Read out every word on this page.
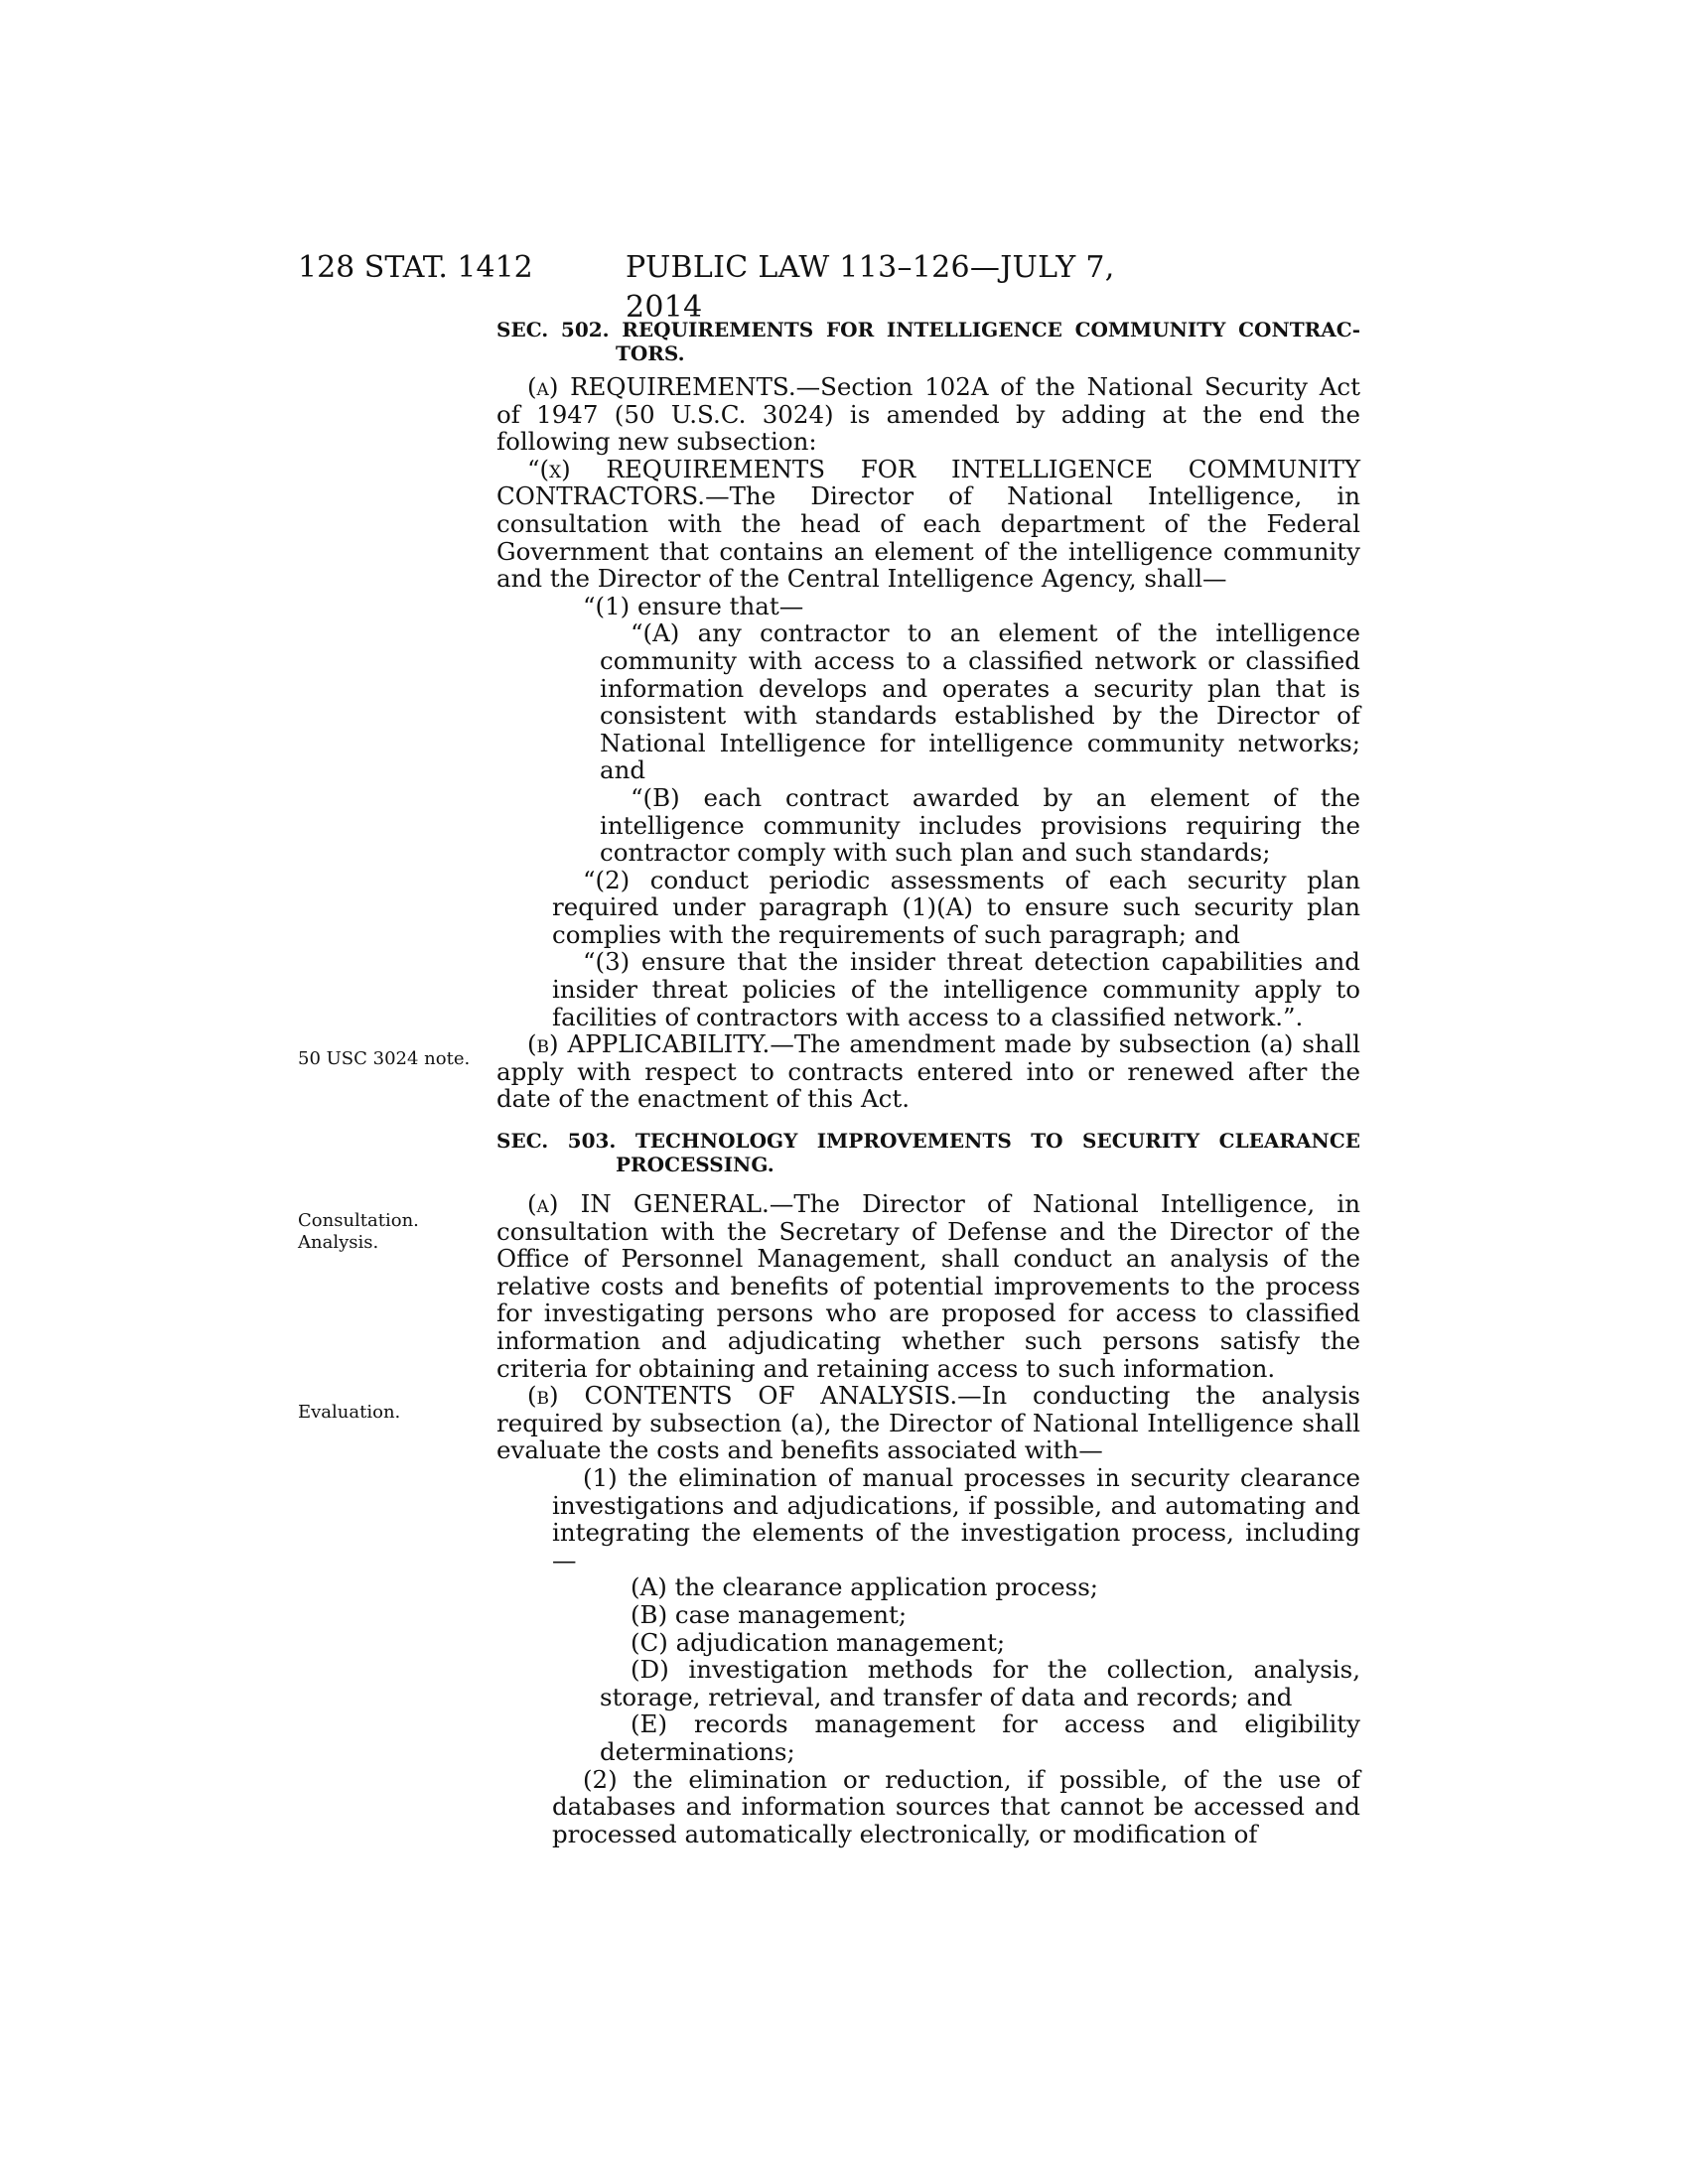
128 STAT. 1412	PUBLIC LAW 113–126—JULY 7, 2014
50 USC 3024 note.
Consultation. Analysis.
Evaluation.
SEC. 502. REQUIREMENTS FOR INTELLIGENCE COMMUNITY CONTRAC-
TORS.

(a) REQUIREMENTS.—Section 102A of the National Security Act of 1947 (50 U.S.C. 3024) is amended by adding at the end the following new subsection:

“(x) REQUIREMENTS FOR INTELLIGENCE COMMUNITY CONTRACTORS.—The Director of National Intelligence, in consultation with the head of each department of the Federal Government that contains an element of the intelligence community and the Director of the Central Intelligence Agency, shall—

“(1) ensure that—

“(A) any contractor to an element of the intelligence community with access to a classified network or classified information develops and operates a security plan that is consistent with standards established by the Director of National Intelligence for intelligence community networks; and

“(B) each contract awarded by an element of the intelligence community includes provisions requiring the contractor comply with such plan and such standards;

“(2) conduct periodic assessments of each security plan required under paragraph (1)(A) to ensure such security plan complies with the requirements of such paragraph; and

“(3) ensure that the insider threat detection capabilities and insider threat policies of the intelligence community apply to facilities of contractors with access to a classified network.”.

(b) APPLICABILITY.—The amendment made by subsection (a) shall apply with respect to contracts entered into or renewed after the date of the enactment of this Act.

SEC. 503. TECHNOLOGY IMPROVEMENTS TO SECURITY CLEARANCE
PROCESSING.

(a) IN GENERAL.—The Director of National Intelligence, in consultation with the Secretary of Defense and the Director of the Office of Personnel Management, shall conduct an analysis of the relative costs and benefits of potential improvements to the process for investigating persons who are proposed for access to classified information and adjudicating whether such persons satisfy the criteria for obtaining and retaining access to such information.

(b) CONTENTS OF ANALYSIS.—In conducting the analysis required by subsection (a), the Director of National Intelligence shall evaluate the costs and benefits associated with—

(1) the elimination of manual processes in security clearance investigations and adjudications, if possible, and automating and integrating the elements of the investigation process, including—

(A) the clearance application process;

(B) case management;

(C) adjudication management;

(D) investigation methods for the collection, analysis, storage, retrieval, and transfer of data and records; and

(E) records management for access and eligibility determinations;

(2) the elimination or reduction, if possible, of the use of databases and information sources that cannot be accessed and processed automatically electronically, or modification of
